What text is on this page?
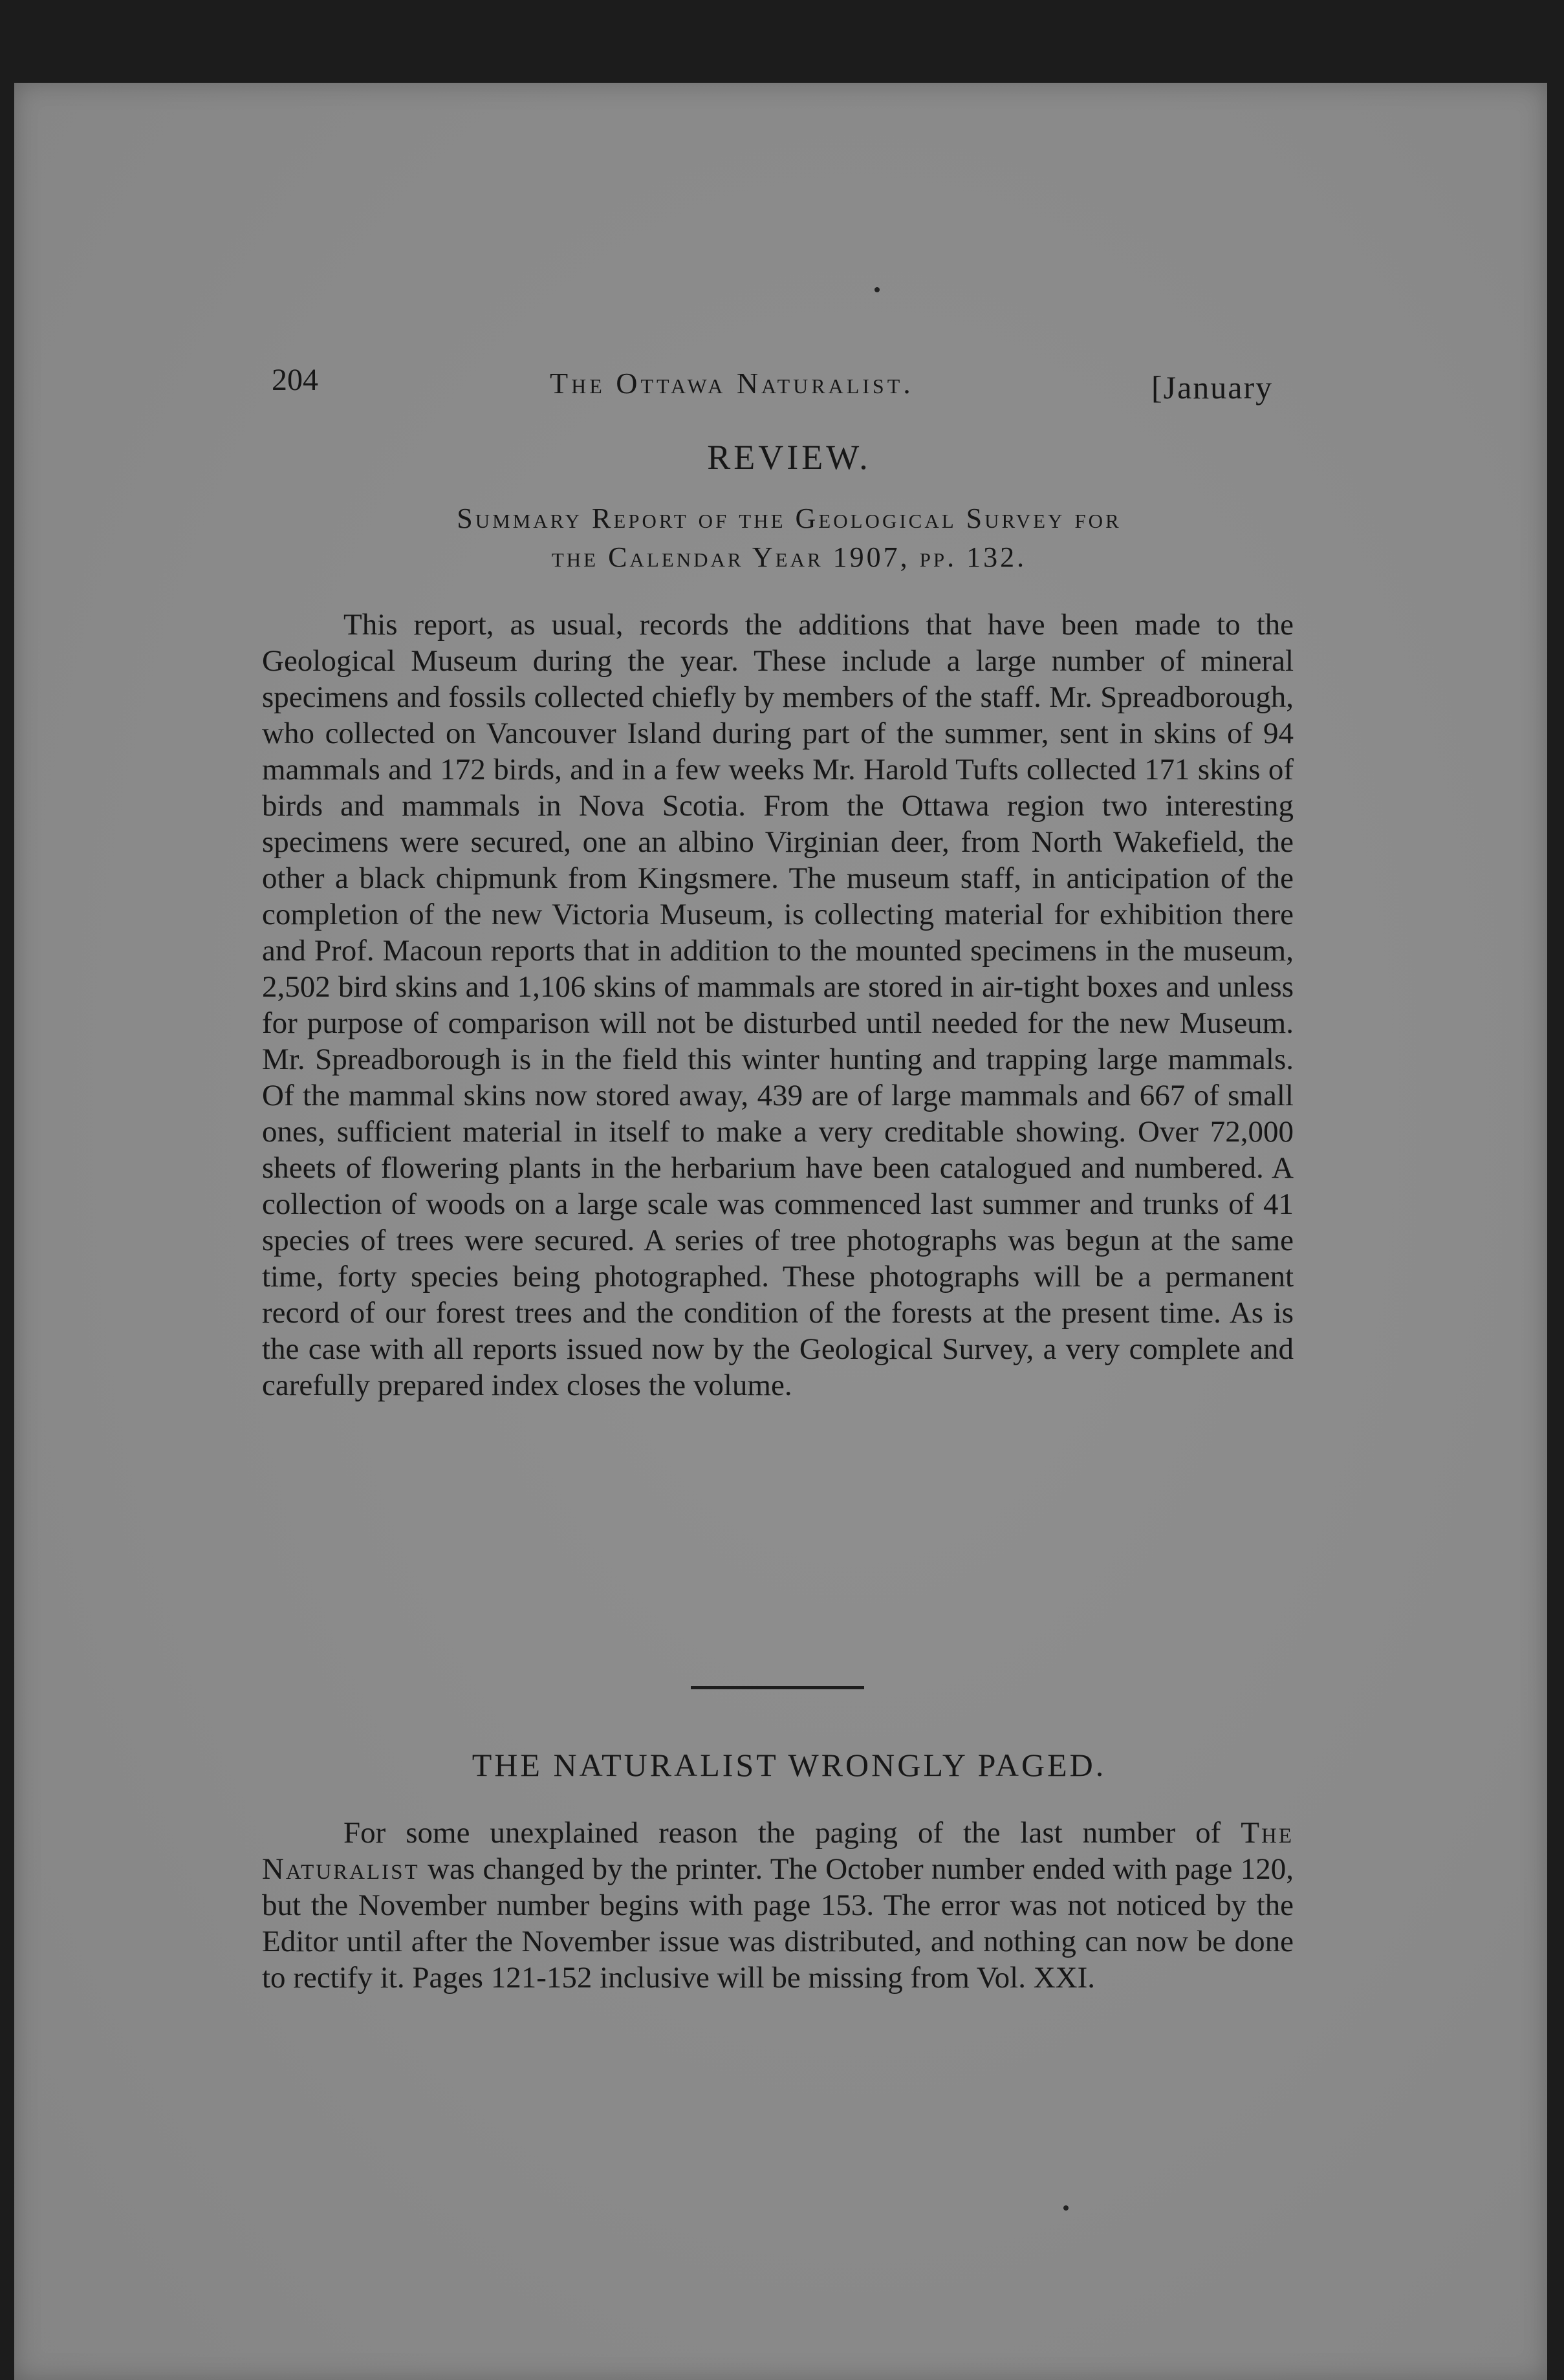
204	The Ottawa Naturalist.	[January
REVIEW.
Summary Report of the Geological Survey for
the Calendar Year 1907, pp. 132.

This report, as usual, records the additions that have been made to the Geological Museum during the year. These include a large number of mineral specimens and fossils collected chiefly by members of the staff. Mr. Spreadborough, who collected on Vancouver Island during part of the summer, sent in skins of 94 mammals and 172 birds, and in a few weeks Mr. Harold Tufts collected 171 skins of birds and mammals in Nova Scotia. From the Ottawa region two interesting specimens were secured, one an albino Virginian deer, from North Wakefield, the other a black chipmunk from Kingsmere. The museum staff, in anticipation of the completion of the new Victoria Museum, is collecting material for exhibition there and Prof. Macoun reports that in addition to the mounted specimens in the museum, 2,502 bird skins and 1,106 skins of mammals are stored in air-tight boxes and unless for purpose of comparison will not be disturbed until needed for the new Museum. Mr. Spreadborough is in the field this winter hunting and trapping large mammals. Of the mammal skins now stored away, 439 are of large mammals and 667 of small ones, sufficient material in itself to make a very creditable showing. Over 72,000 sheets of flowering plants in the herbarium have been catalogued and numbered. A collection of woods on a large scale was commenced last summer and trunks of 41 species of trees were secured. A series of tree photographs was begun at the same time, forty species being photographed. These photographs will be a permanent record of our forest trees and the condition of the forests at the present time. As is the case with all reports issued now by the Geological Survey, a very complete and carefully prepared index closes the volume.

THE NATURALIST WRONGLY PAGED.

For some unexplained reason the paging of the last number of The Naturalist was changed by the printer. The October number ended with page 120, but the November number begins with page 153. The error was not noticed by the Editor until after the November issue was distributed, and nothing can now be done to rectify it. Pages 121-152 inclusive will be missing from Vol. XXI.
